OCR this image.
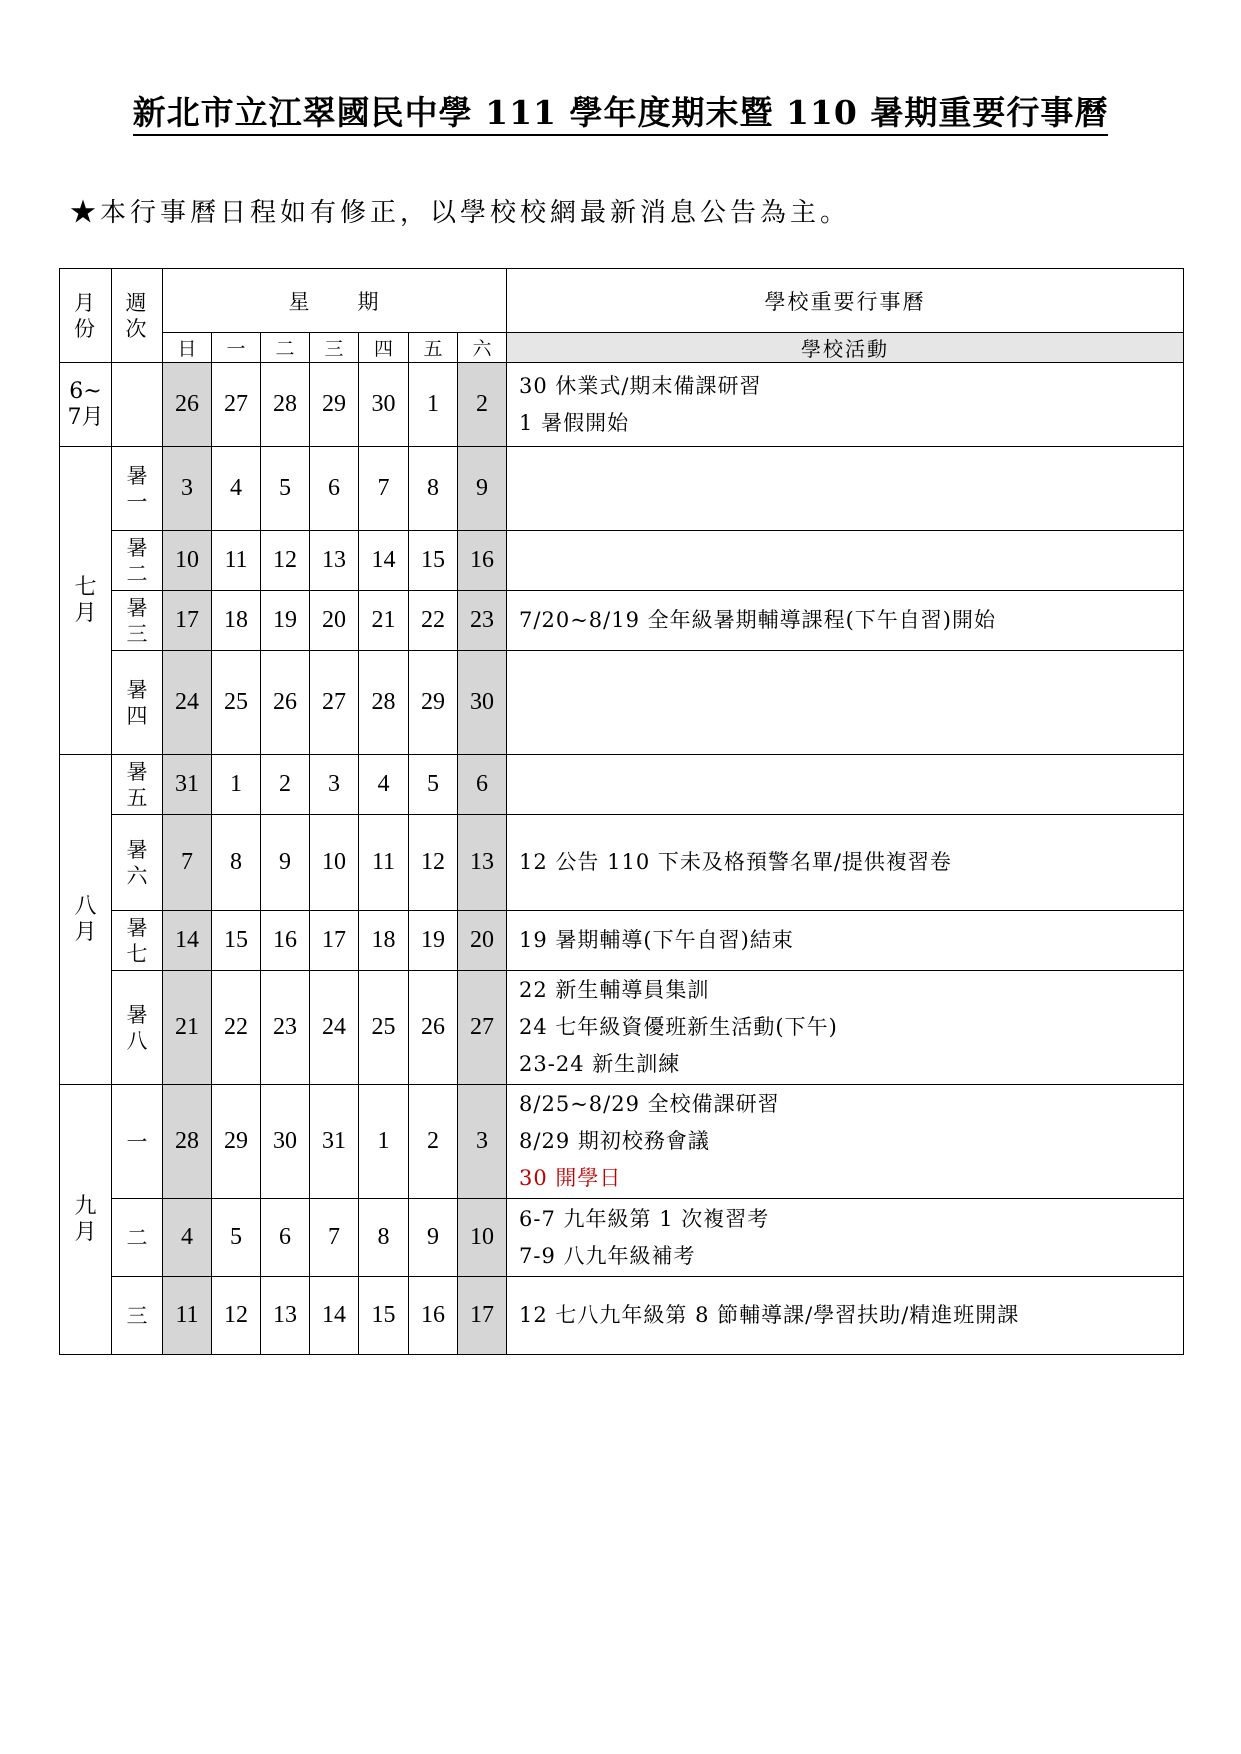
新北市立江翠國民中學 111 學年度期末暨 110 暑期重要行事曆
★本行事曆日程如有修正，以學校校網最新消息公告為主。
月份	週次	星　　期							學校重要行事曆
		日	一	二	三	四	五	六	學校活動

6~7月		26	27	28	29	30	1	2	30 休業式/期末備課研習
1 暑假開始

七月	暑一	3	4	5	6	7	8	9	

	暑二	10	11	12	13	14	15	16	

	暑三	17	18	19	20	21	22	23	7/20~8/19 全年級暑期輔導課程(下午自習)開始

	暑四	24	25	26	27	28	29	30	

八月	暑五	31	1	2	3	4	5	6	

	暑六	7	8	9	10	11	12	13	12 公告 110 下未及格預警名單/提供複習卷

	暑七	14	15	16	17	18	19	20	19 暑期輔導(下午自習)結束

	暑八	21	22	23	24	25	26	27	22 新生輔導員集訓
24 七年級資優班新生活動(下午)
23-24 新生訓練

九月	一	28	29	30	31	1	2	3	8/25~8/29 全校備課研習
8/29 期初校務會議
30 開學日

	二	4	5	6	7	8	9	10	6-7 九年級第 1 次複習考
7-9 八九年級補考

	三	11	12	13	14	15	16	17	12 七八九年級第 8 節輔導課/學習扶助/精進班開課
